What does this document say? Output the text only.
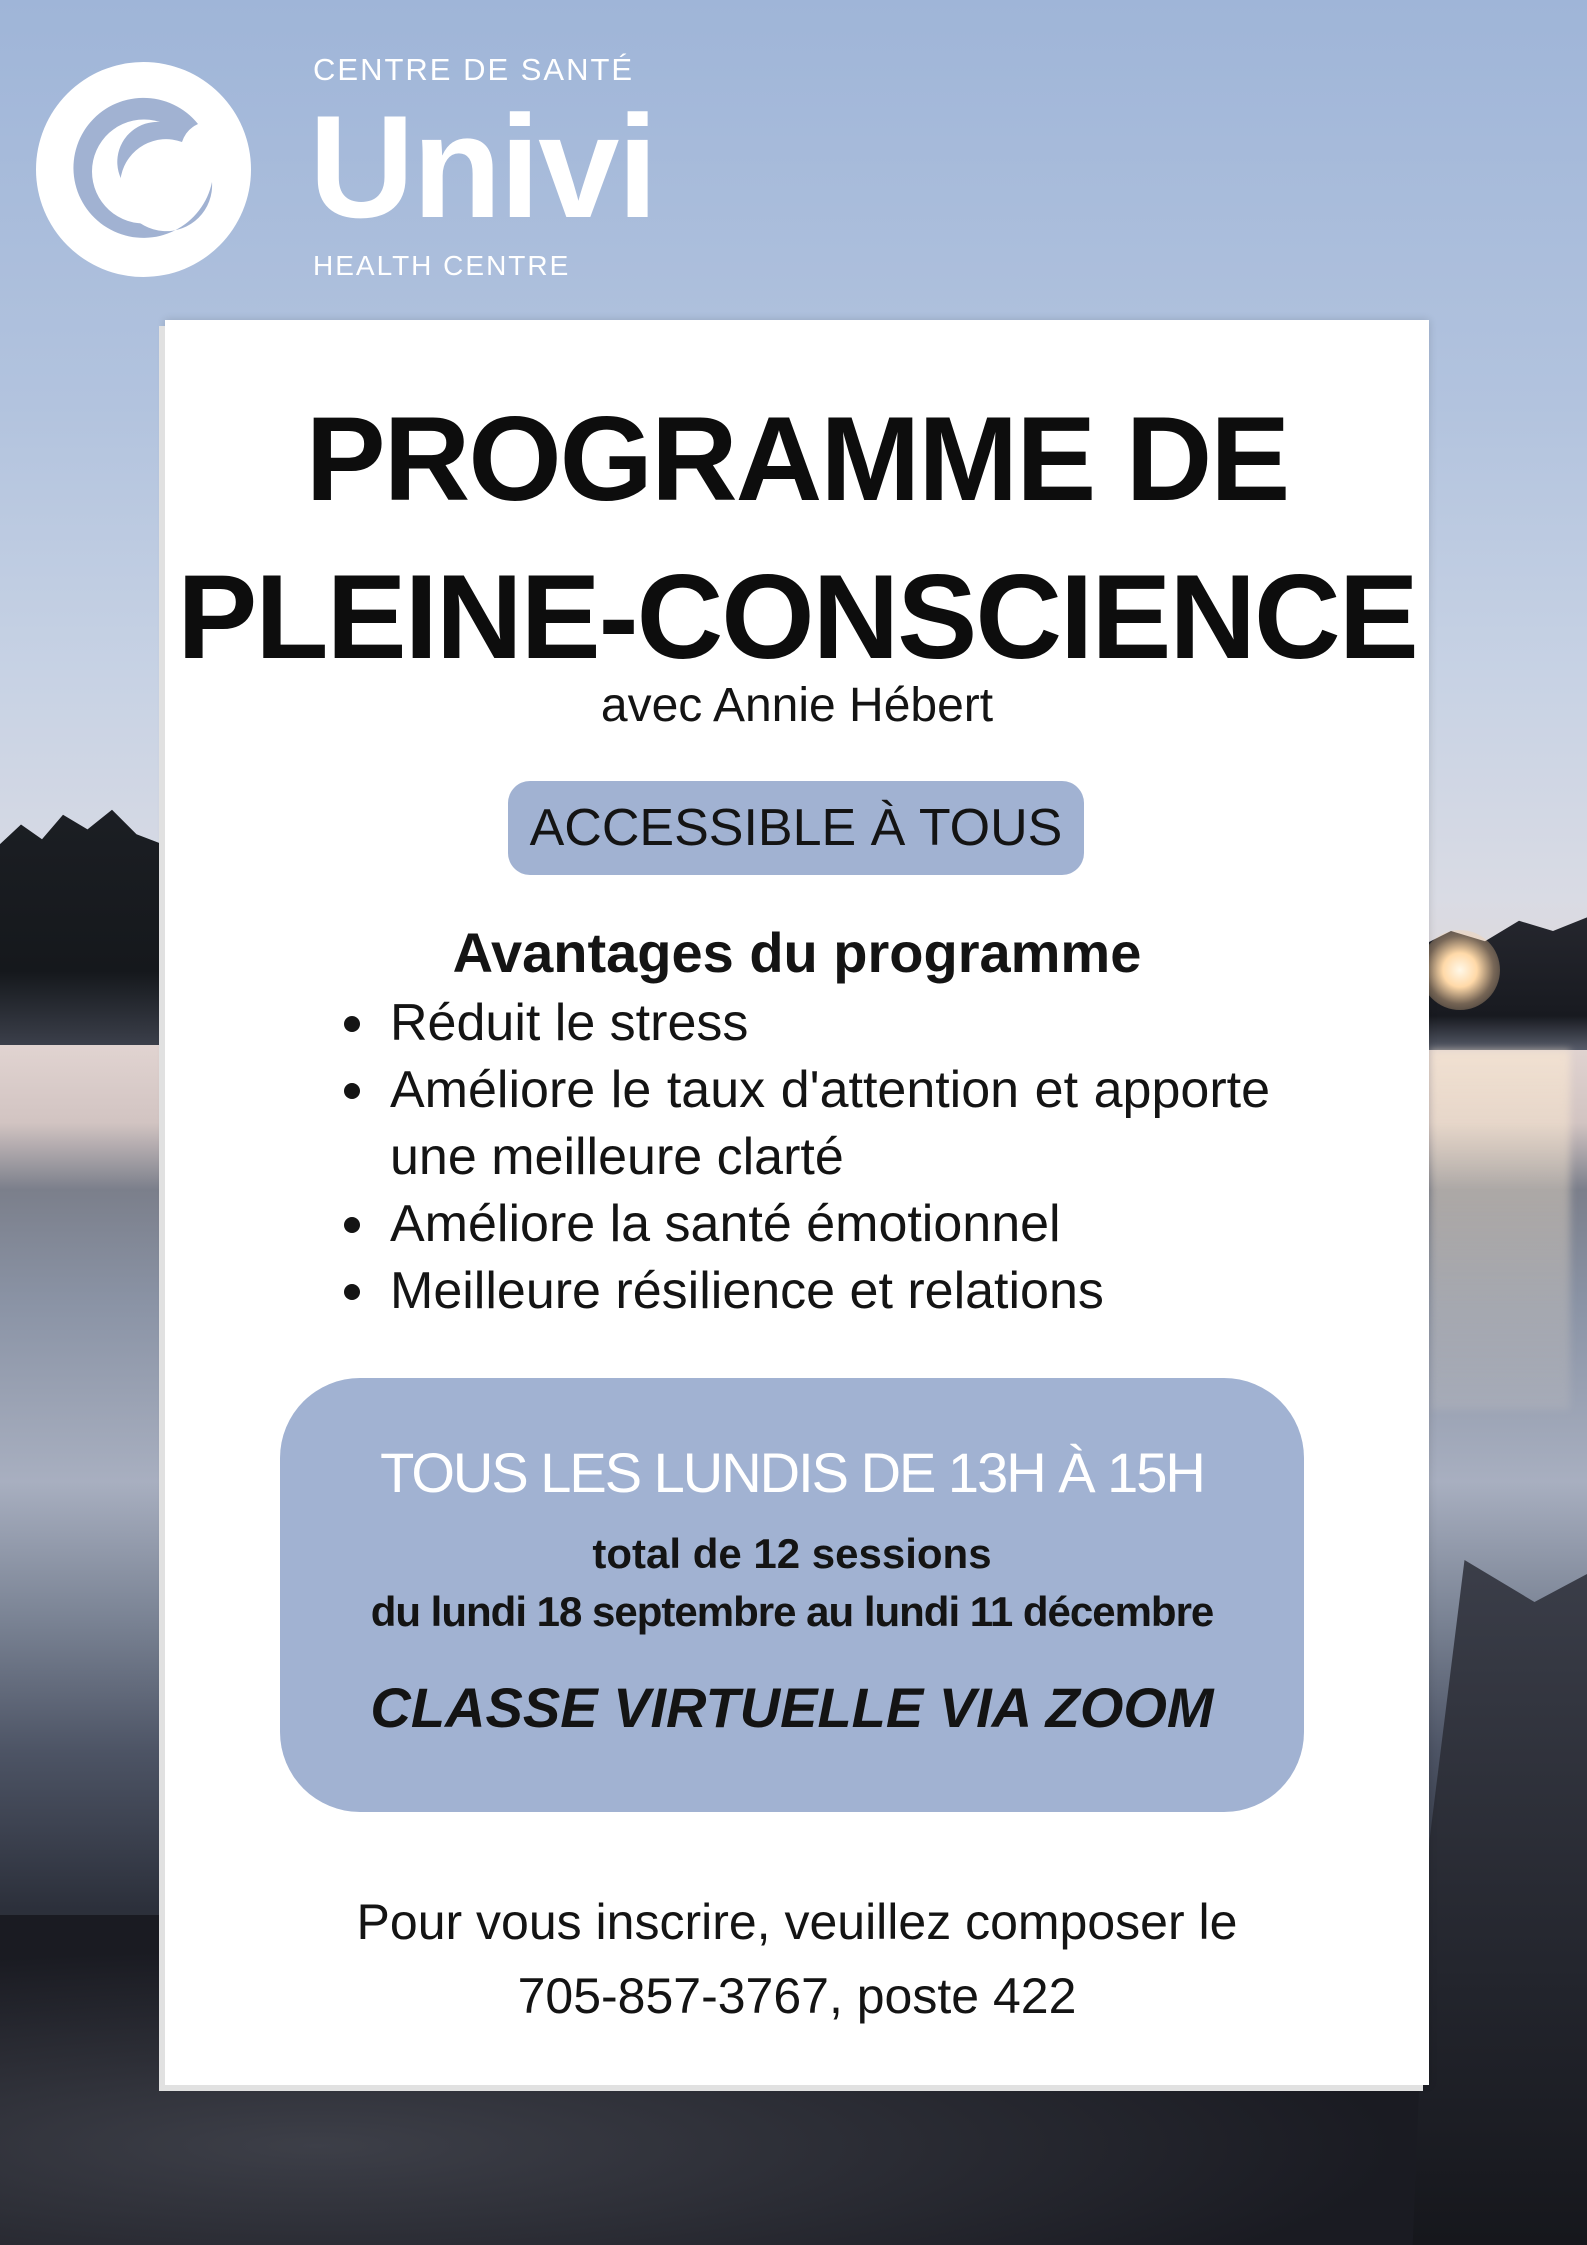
CENTRE DE SANTÉ
Univi
HEALTH CENTRE
PROGRAMME DE
PLEINE-CONSCIENCE
avec Annie Hébert
ACCESSIBLE À TOUS
Avantages du programme
Réduit le stress
Améliore le taux d'attention et apporte une meilleure clarté
Améliore la santé émotionnel
Meilleure résilience et relations
TOUS LES LUNDIS DE 13H À 15H
total de 12 sessions
du lundi 18 septembre au lundi 11 décembre
CLASSE VIRTUELLE VIA ZOOM
Pour vous inscrire, veuillez composer le
705-857-3767, poste 422
